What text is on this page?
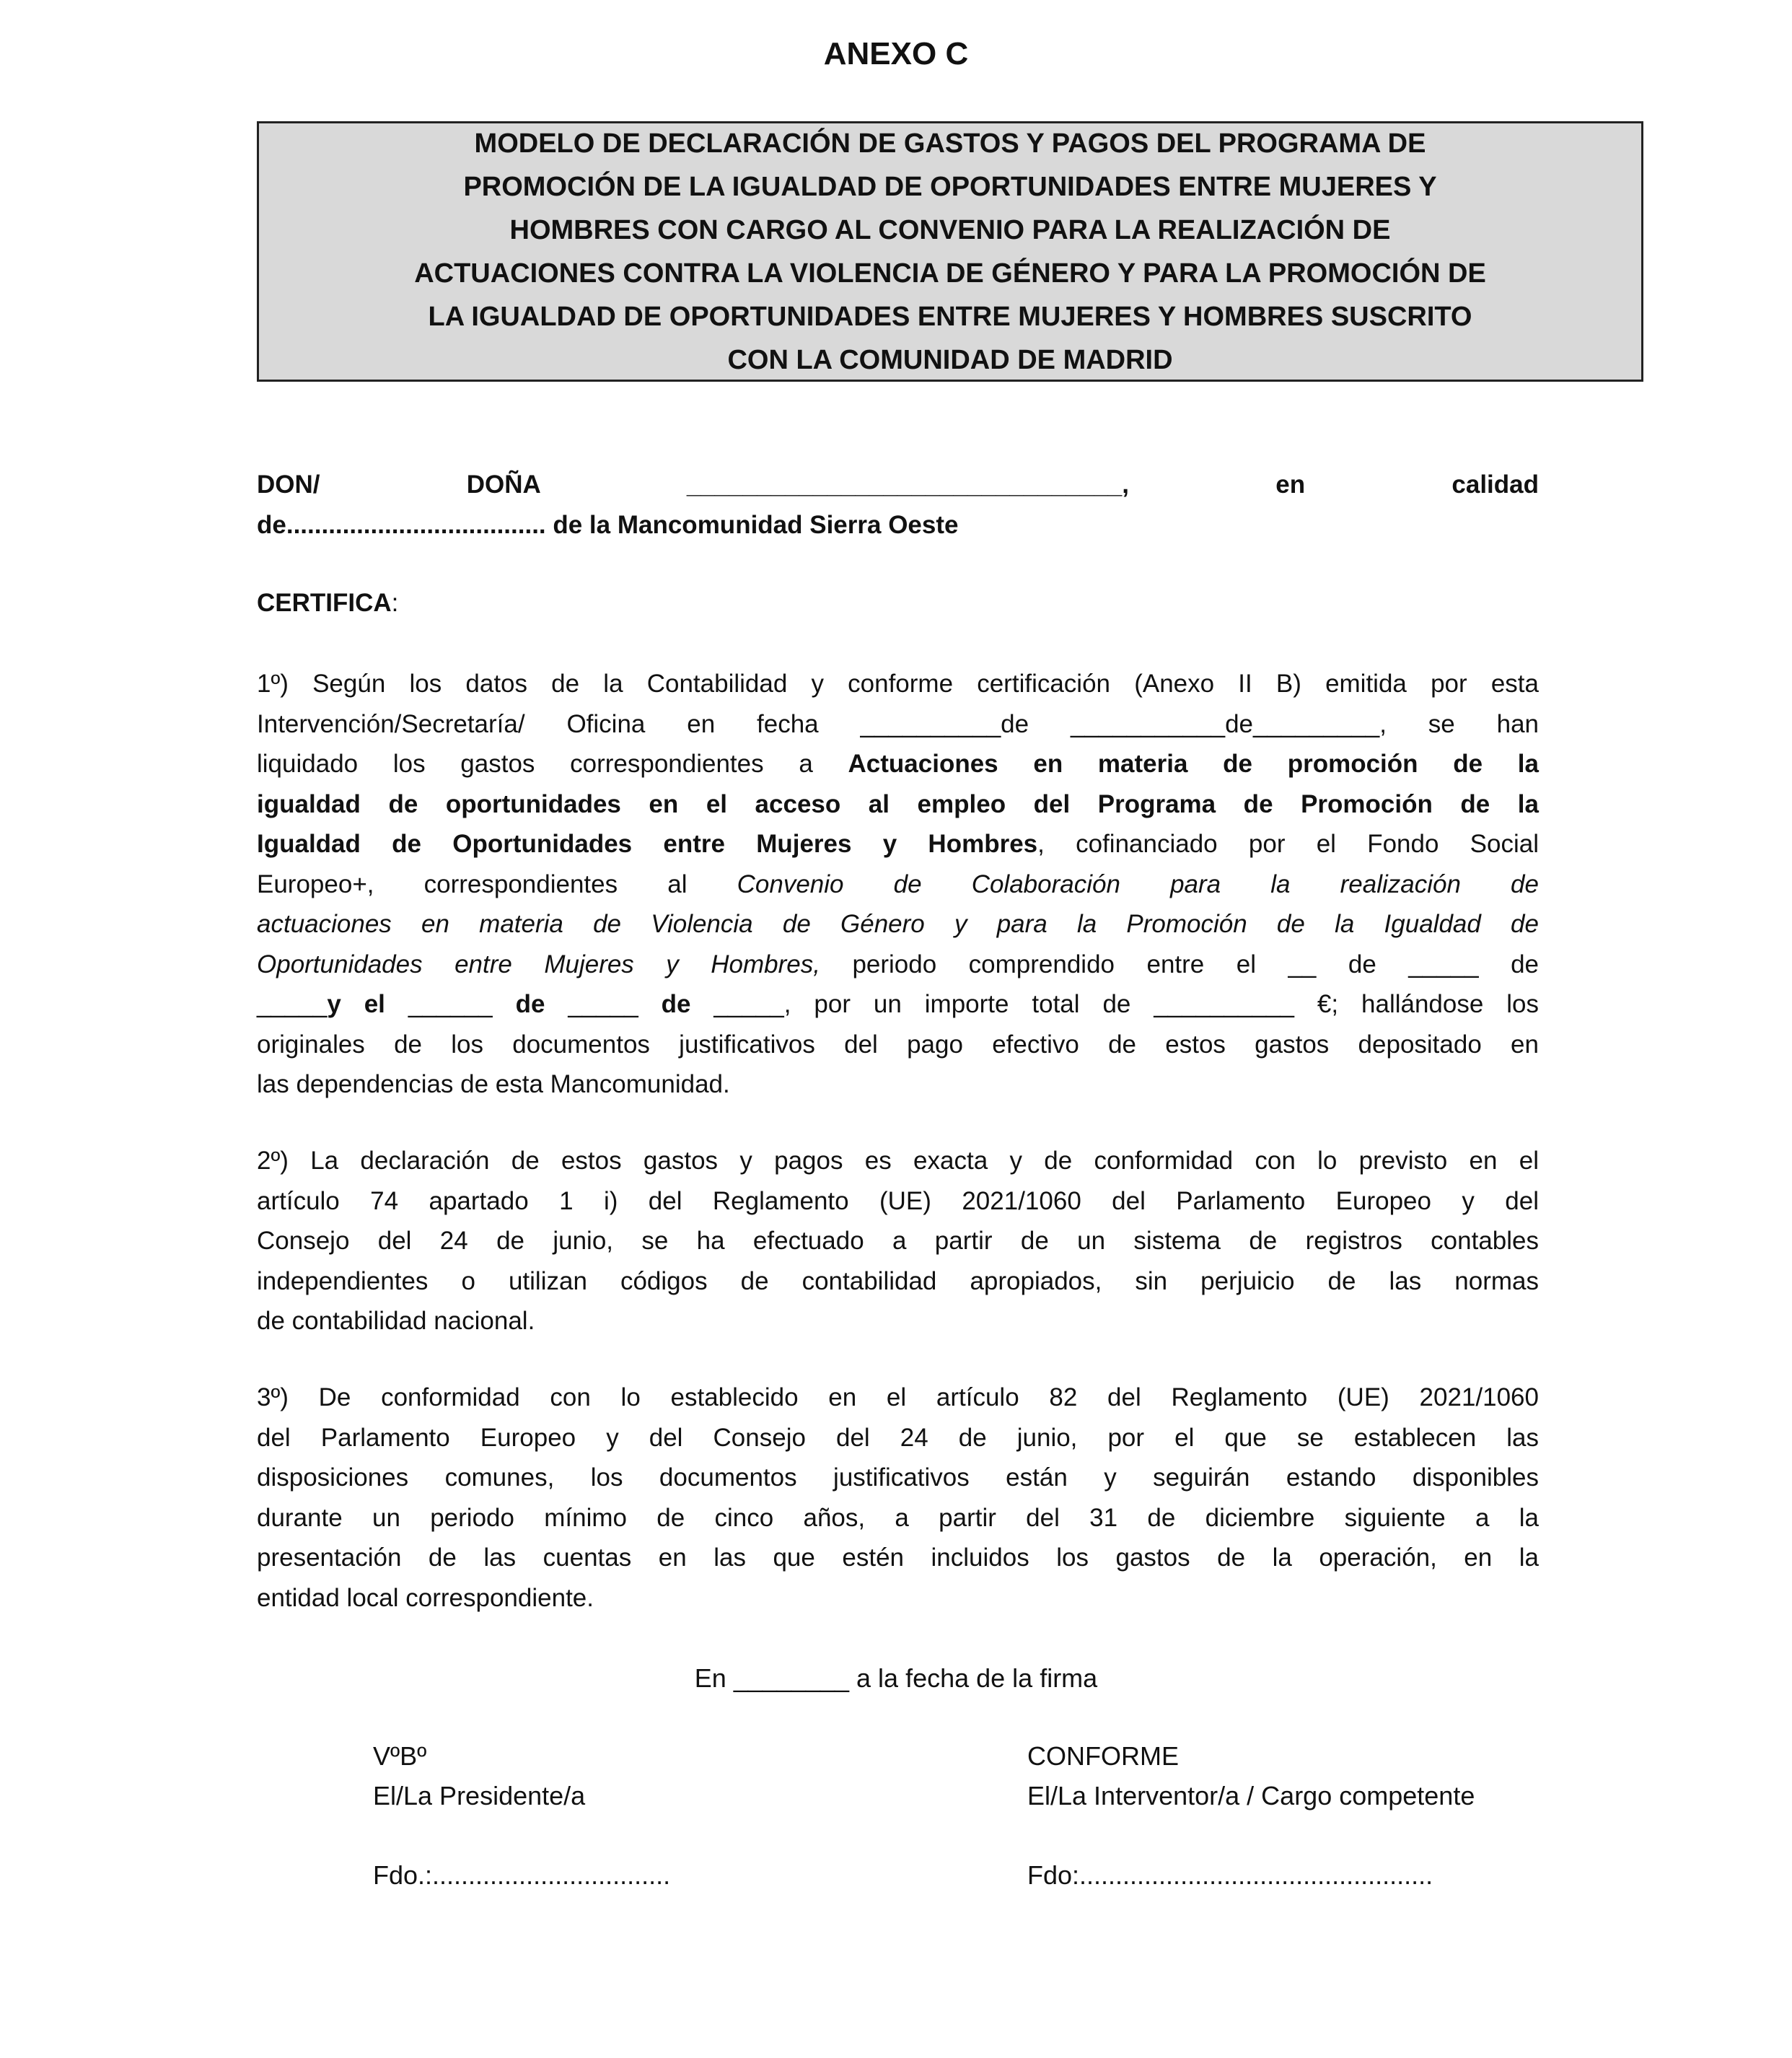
ANEXO C
MODELO DE DECLARACIÓN DE GASTOS Y PAGOS DEL PROGRAMA DE
PROMOCIÓN DE LA IGUALDAD DE OPORTUNIDADES ENTRE MUJERES Y
HOMBRES CON CARGO AL CONVENIO PARA LA REALIZACIÓN DE
ACTUACIONES CONTRA LA VIOLENCIA DE GÉNERO Y PARA LA PROMOCIÓN DE
LA IGUALDAD DE OPORTUNIDADES ENTRE MUJERES Y HOMBRES SUSCRITO
CON LA COMUNIDAD DE MADRID
DON/ DOÑA _______________________________, en calidad
de..................................... de la Mancomunidad Sierra Oeste
CERTIFICA:
1º) Según los datos de la Contabilidad y conforme certificación (Anexo II B) emitida por esta
Intervención/Secretaría/ Oficina en fecha __________de ___________de_________, se han
liquidado los gastos correspondientes a Actuaciones en materia de promoción de la
igualdad de oportunidades en el acceso al empleo del Programa de Promoción de la
Igualdad de Oportunidades entre Mujeres y Hombres, cofinanciado por el Fondo Social
Europeo+, correspondientes al Convenio de Colaboración para la realización de
actuaciones en materia de Violencia de Género y para la Promoción de la Igualdad de
Oportunidades entre Mujeres y Hombres, periodo comprendido entre el __ de _____ de
_____y el ______ de _____ de _____, por un importe total de __________ €; hallándose los
originales de los documentos justificativos del pago efectivo de estos gastos depositado en
las dependencias de esta Mancomunidad.
2º) La declaración de estos gastos y pagos es exacta y de conformidad con lo previsto en el
artículo 74 apartado 1 i) del Reglamento (UE) 2021/1060 del Parlamento Europeo y del
Consejo del 24 de junio, se ha efectuado a partir de un sistema de registros contables
independientes o utilizan códigos de contabilidad apropiados, sin perjuicio de las normas
de contabilidad nacional.
3º) De conformidad con lo establecido en el artículo 82 del Reglamento (UE) 2021/1060
del Parlamento Europeo y del Consejo del 24 de junio, por el que se establecen las
disposiciones comunes, los documentos justificativos están y seguirán estando disponibles
durante un periodo mínimo de cinco años, a partir del 31 de diciembre siguiente a la
presentación de las cuentas en las que estén incluidos los gastos de la operación, en la
entidad local correspondiente.
En ________ a la fecha de la firma
VºBº
El/La Presidente/a
Fdo.:.................................
CONFORME
El/La Interventor/a / Cargo competente
Fdo:.................................................
